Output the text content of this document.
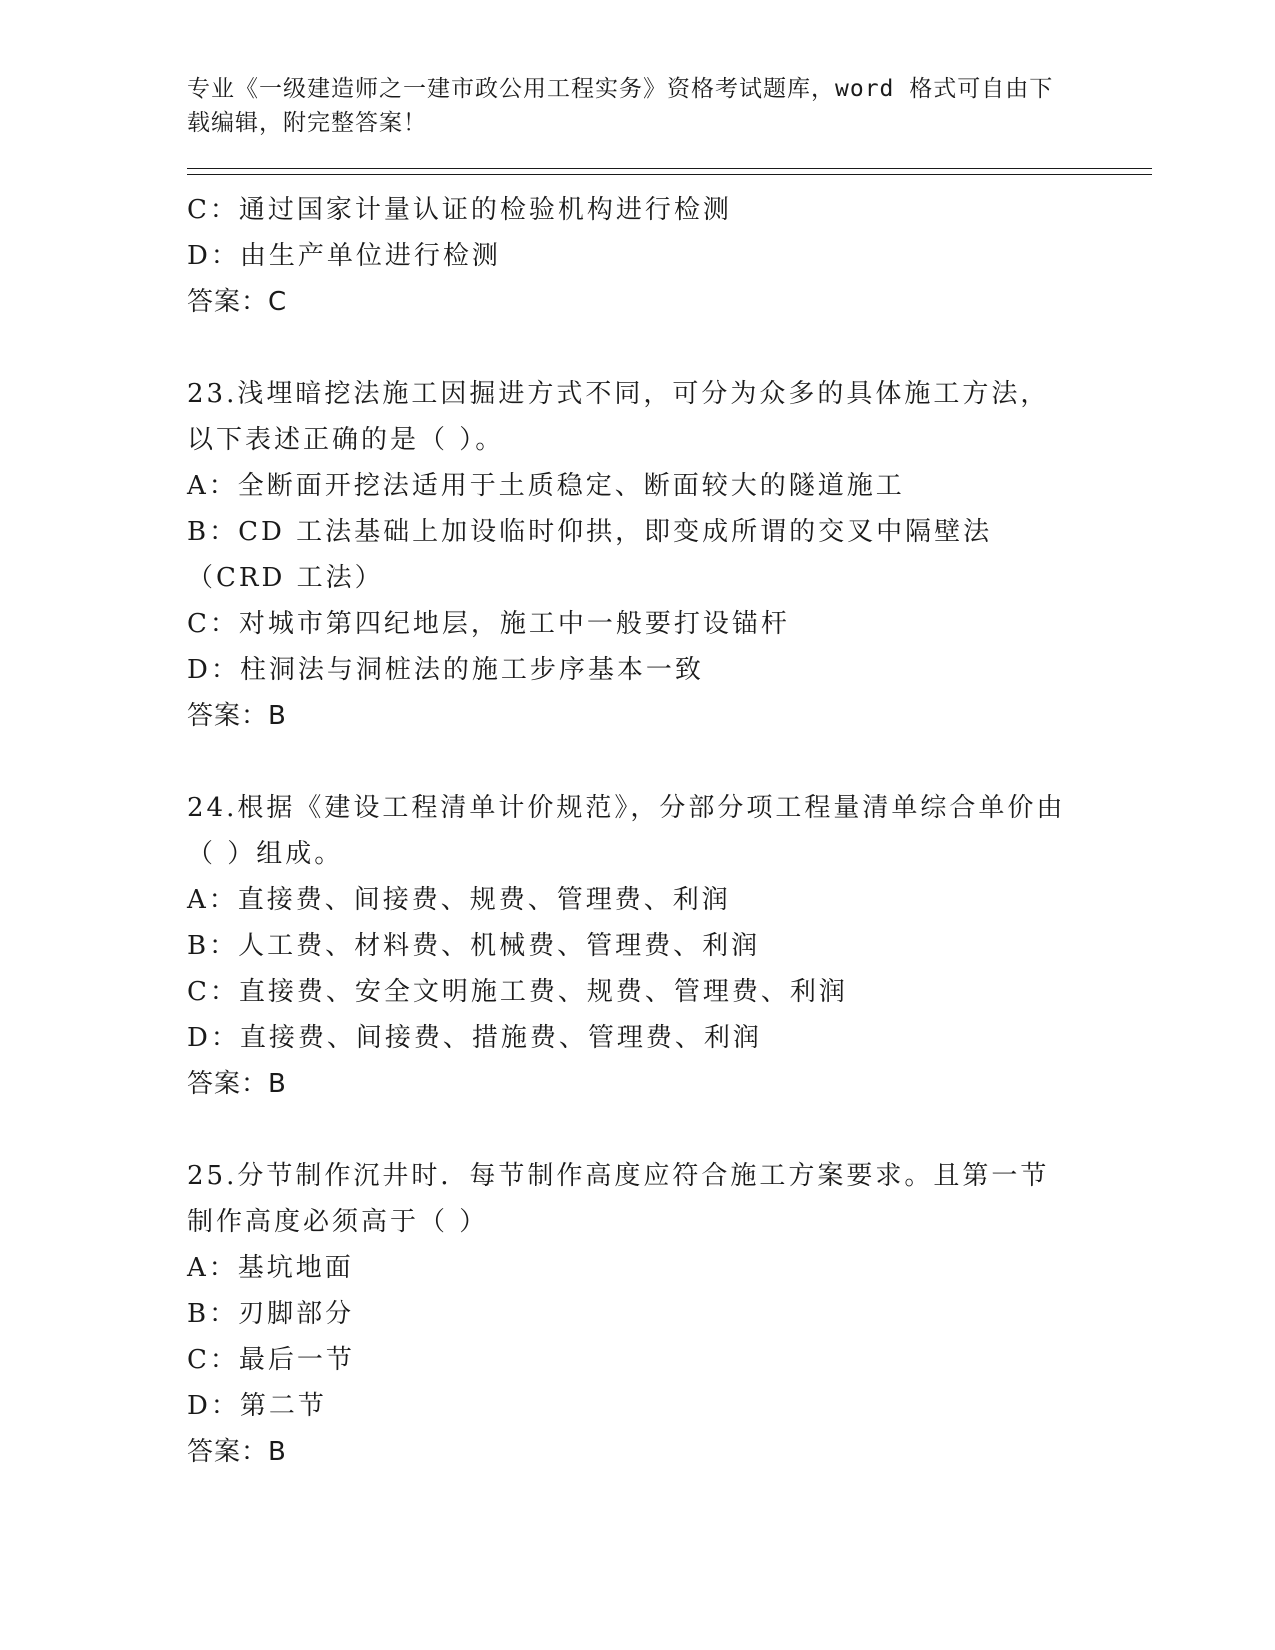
专业《一级建造师之一建市政公用工程实务》资格考试题库，word 格式可自由下载编辑，附完整答案！

C：通过国家计量认证的检验机构进行检测

D：由生产单位进行检测

答案：C

23.浅埋暗挖法施工因掘进方式不同，可分为众多的具体施工方法，以下表述正确的是（ ）。

A：全断面开挖法适用于土质稳定、断面较大的隧道施工

B：CD 工法基础上加设临时仰拱，即变成所谓的交叉中隔壁法（CRD 工法）

C：对城市第四纪地层，施工中一般要打设锚杆

D：柱洞法与洞桩法的施工步序基本一致

答案：B

24.根据《建设工程清单计价规范》，分部分项工程量清单综合单价由（ ）组成。

A：直接费、间接费、规费、管理费、利润

B：人工费、材料费、机械费、管理费、利润

C：直接费、安全文明施工费、规费、管理费、利润

D：直接费、间接费、措施费、管理费、利润

答案：B

25.分节制作沉井时．每节制作高度应符合施工方案要求。且第一节制作高度必须高于（ ）

A：基坑地面

B：刃脚部分

C：最后一节

D：第二节

答案：B
